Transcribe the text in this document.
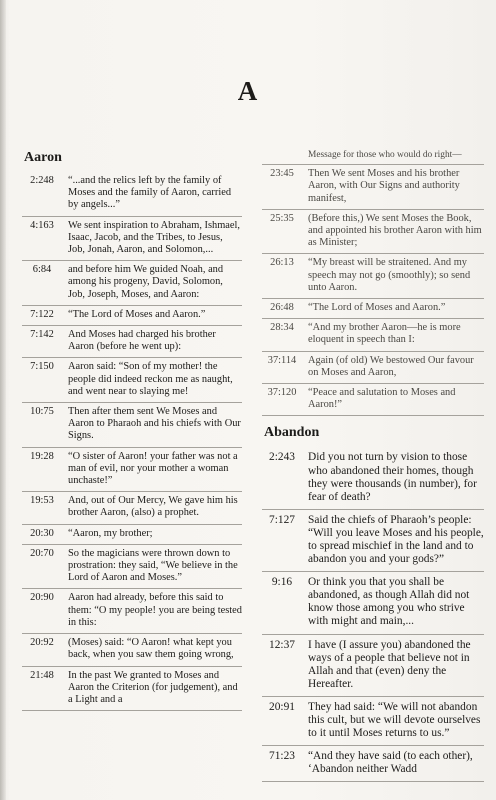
A
Aaron
2:248	“...and the relics left by the family of Moses and the family of Aaron, carried by angels...”
4:163	We sent inspiration to Abraham, Ishmael, Isaac, Jacob, and the Tribes, to Jesus, Job, Jonah, Aaron, and Solomon,...
6:84	and before him We guided Noah, and among his progeny, David, Solomon, Job, Joseph, Moses, and Aaron:
7:122	“The Lord of Moses and Aaron.”
7:142	And Moses had charged his brother Aaron (before he went up):
7:150	Aaron said: “Son of my mother! the people did indeed reckon me as naught, and went near to slaying me!
10:75	Then after them sent We Moses and Aaron to Pharaoh and his chiefs with Our Signs.
19:28	“O sister of Aaron! your father was not a man of evil, nor your mother a woman unchaste!”
19:53	And, out of Our Mercy, We gave him his brother Aaron, (also) a prophet.
20:30	“Aaron, my brother;
20:70	So the magicians were thrown down to prostration: they said, “We believe in the Lord of Aaron and Moses.”
20:90	Aaron had already, before this said to them: “O my people! you are being tested in this:
20:92	(Moses) said: “O Aaron! what kept you back, when you saw them going wrong,
21:48	In the past We granted to Moses and Aaron the Criterion (for judgement), and a Light and a
Message for those who would do right—
23:45	Then We sent Moses and his brother Aaron, with Our Signs and authority manifest,
25:35	(Before this,) We sent Moses the Book, and appointed his brother Aaron with him as Minister;
26:13	“My breast will be straitened. And my speech may not go (smoothly); so send unto Aaron.
26:48	“The Lord of Moses and Aaron.”
28:34	“And my brother Aaron—he is more eloquent in speech than I:
37:114	Again (of old) We bestowed Our favour on Moses and Aaron,
37:120	“Peace and salutation to Moses and Aaron!”
Abandon
2:243	Did you not turn by vision to those who abandoned their homes, though they were thousands (in number), for fear of death?
7:127	Said the chiefs of Pharaoh’s people: “Will you leave Moses and his people, to spread mischief in the land and to abandon you and your gods?”
9:16	Or think you that you shall be abandoned, as though Allah did not know those among you who strive with might and main,...
12:37	I have (I assure you) abandoned the ways of a people that believe not in Allah and that (even) deny the Hereafter.
20:91	They had said: “We will not abandon this cult, but we will devote ourselves to it until Moses returns to us.”
71:23	“And they have said (to each other), ‘Abandon neither Wadd
